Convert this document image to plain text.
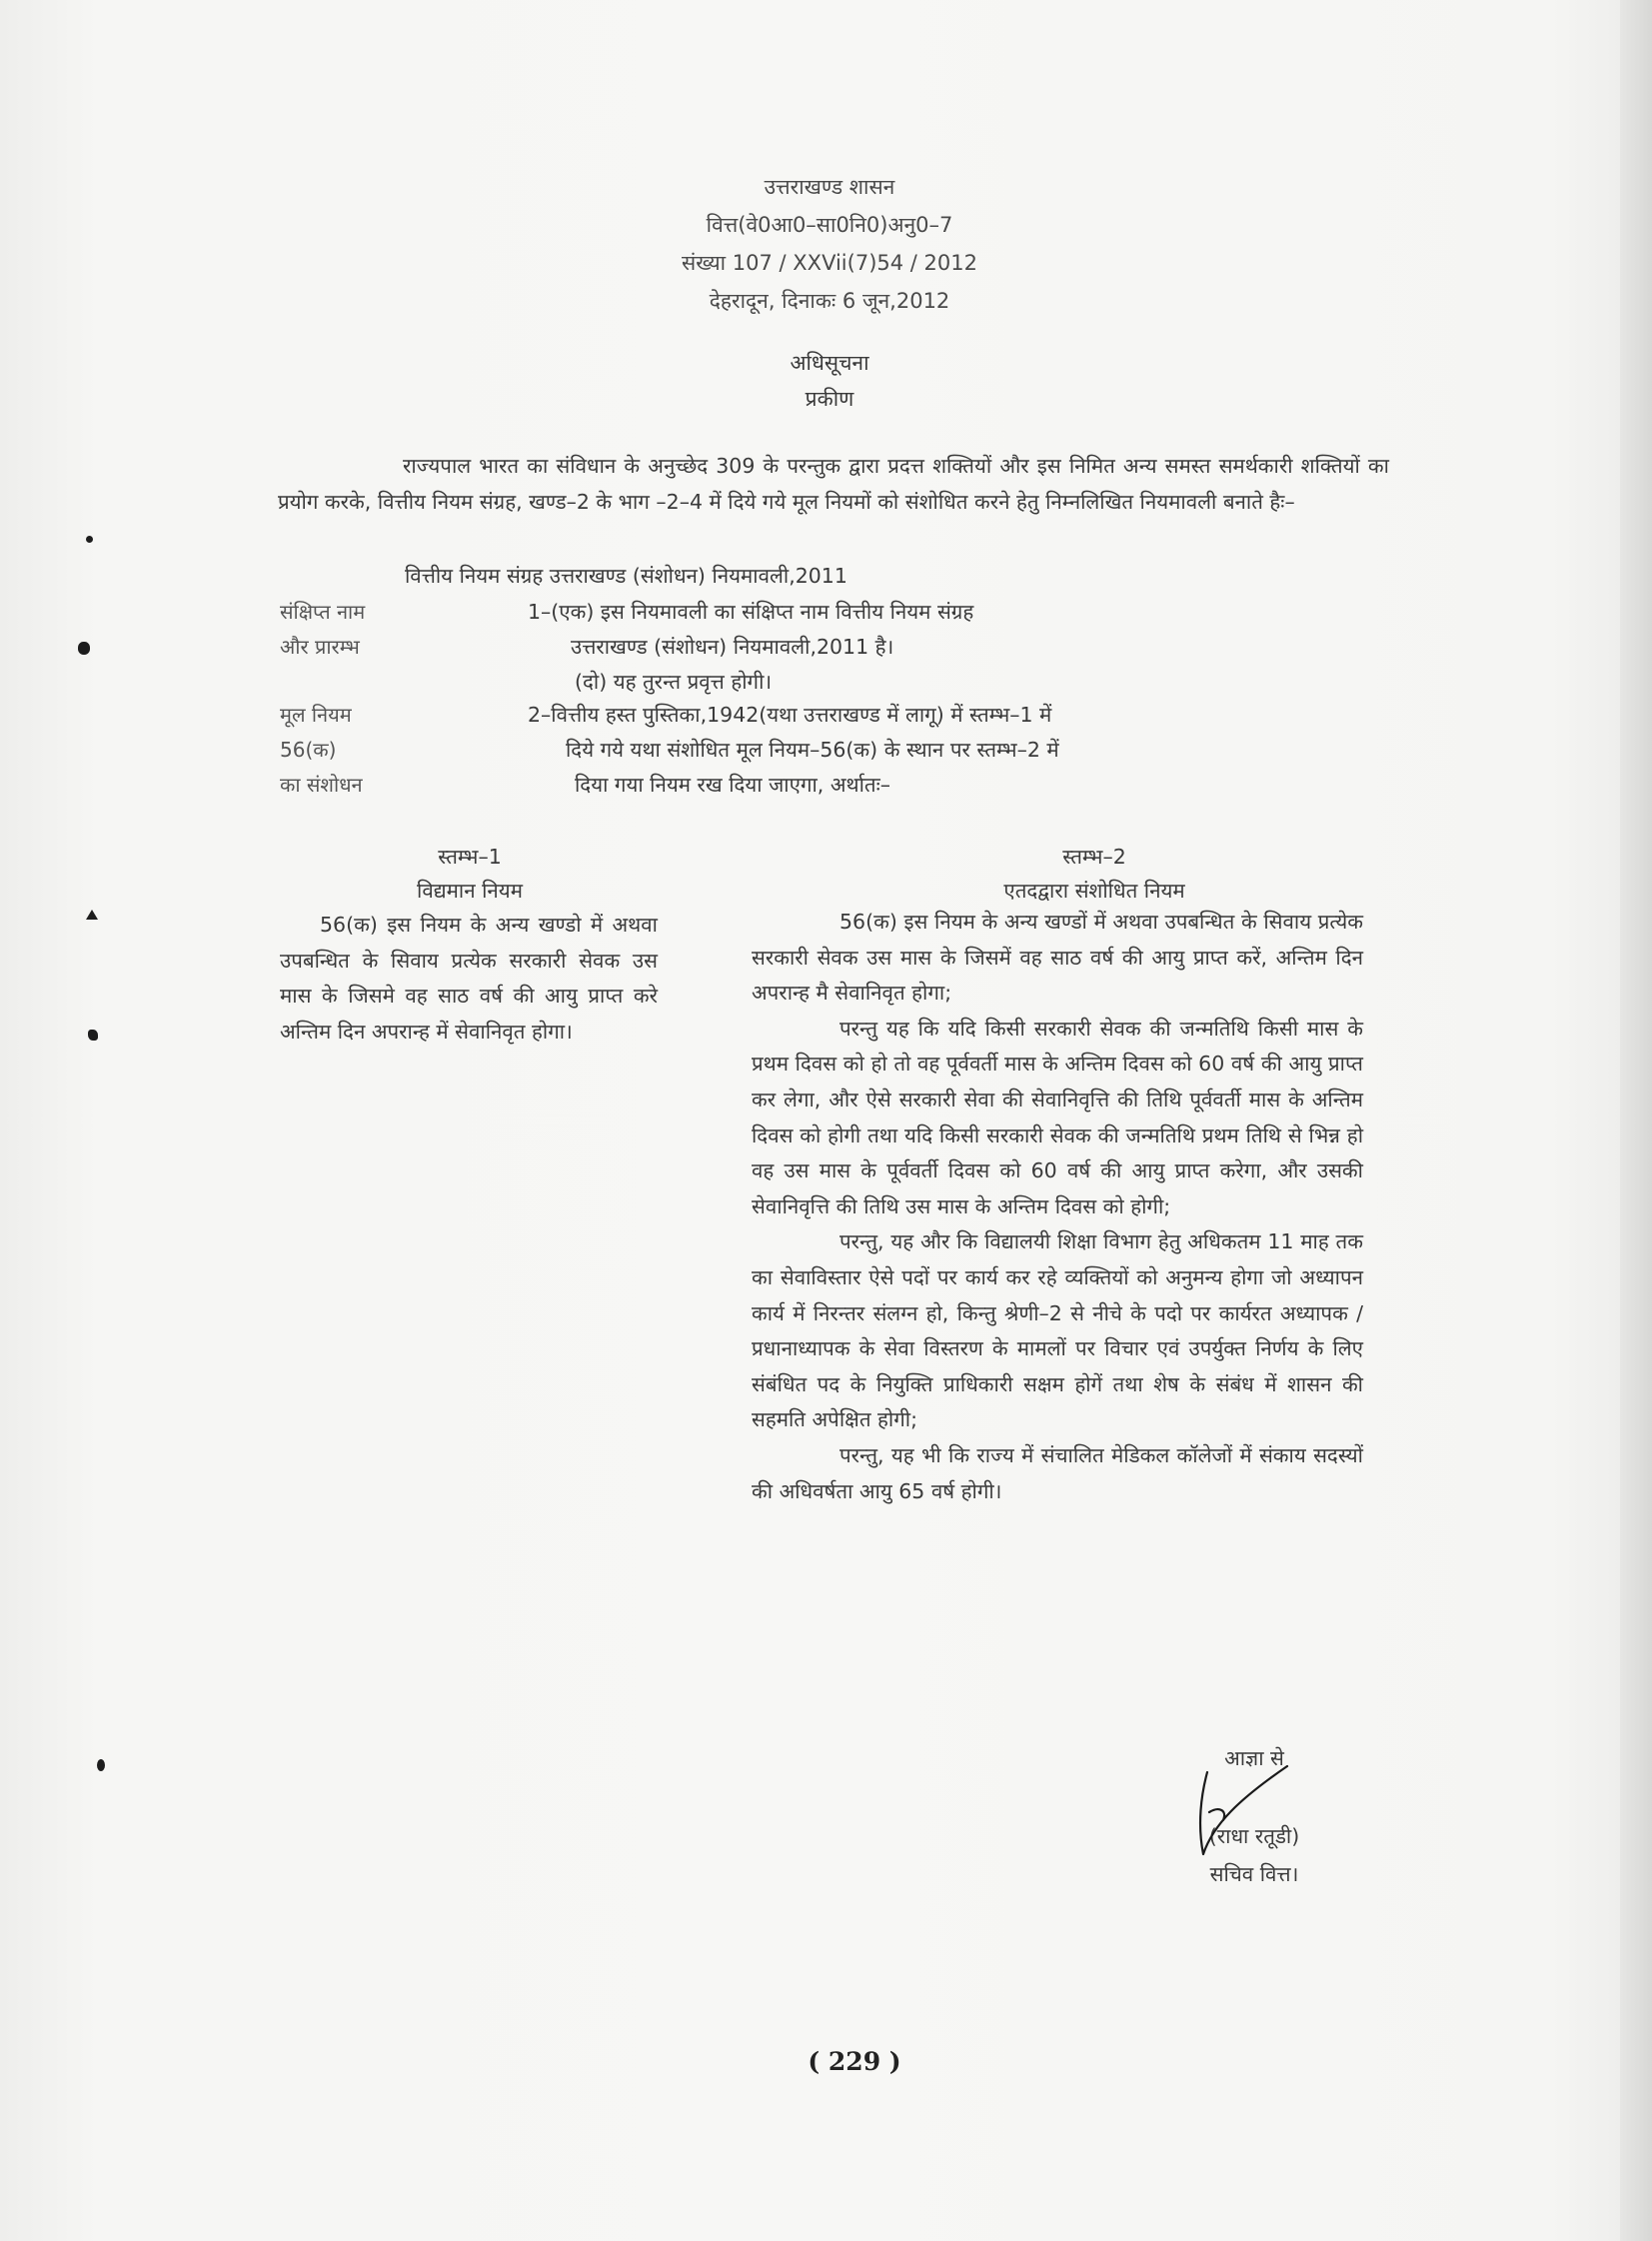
उत्तराखण्ड शासन
वित्त(वे0आ0–सा0नि0)अनु0–7
संख्या 107 / XXVii(7)54 / 2012
देहरादून, दिनाकः 6 जून,2012
अधिसूचना
प्रकीण
राज्यपाल भारत का संविधान के अनुच्छेद 309 के परन्तुक द्वारा प्रदत्त शक्तियों और इस निमित अन्य समस्त समर्थकारी शक्तियों का प्रयोग करके, वित्तीय नियम संग्रह, खण्ड–2 के भाग –2–4 में दिये गये मूल नियमों को संशोधित करने हेतु निम्नलिखित नियमावली बनाते हैः–
वित्तीय नियम संग्रह उत्तराखण्ड (संशोधन) नियमावली,2011
संक्षिप्त नाम
और प्रारम्भ
1–(एक) इस नियमावली का संक्षिप्त नाम वित्तीय नियम संग्रह
उत्तराखण्ड (संशोधन) नियमावली,2011 है।
(दो) यह तुरन्त प्रवृत्त होगी।
मूल नियम
56(क)
का संशोधन
2–वित्तीय हस्त पुस्तिका,1942(यथा उत्तराखण्ड में लागू) में स्तम्भ–1 में
दिये गये यथा संशोधित मूल नियम–56(क) के स्थान पर स्तम्भ–2 में
दिया गया नियम रख दिया जाएगा, अर्थातः–
स्तम्भ–1
विद्यमान नियम
56(क) इस नियम के अन्य खण्डो में अथवा उपबन्धित के सिवाय प्रत्येक सरकारी सेवक उस मास के जिसमे वह साठ वर्ष की आयु प्राप्त करे अन्तिम दिन अपरान्ह में सेवानिवृत होगा।
स्तम्भ–2
एतदद्वारा संशोधित नियम

56(क) इस नियम के अन्य खण्डों में अथवा उपबन्धित के सिवाय प्रत्येक सरकारी सेवक उस मास के जिसमें वह साठ वर्ष की आयु प्राप्त करें, अन्तिम दिन अपरान्ह मै सेवानिवृत होगा;

परन्तु यह कि यदि किसी सरकारी सेवक की जन्मतिथि किसी मास के प्रथम दिवस को हो तो वह पूर्ववर्ती मास के अन्तिम दिवस को 60 वर्ष की आयु प्राप्त कर लेगा, और ऐसे सरकारी सेवा की सेवानिवृत्ति की तिथि पूर्ववर्ती मास के अन्तिम दिवस को होगी तथा यदि किसी सरकारी सेवक की जन्मतिथि प्रथम तिथि से भिन्न हो वह उस मास के पूर्ववर्ती दिवस को 60 वर्ष की आयु प्राप्त करेगा, और उसकी सेवानिवृत्ति की तिथि उस मास के अन्तिम दिवस को होगी;

परन्तु, यह और कि विद्यालयी शिक्षा विभाग हेतु अधिकतम 11 माह तक का सेवाविस्तार ऐसे पदों पर कार्य कर रहे व्यक्तियों को अनुमन्य होगा जो अध्यापन कार्य में निरन्तर संलग्न हो, किन्तु श्रेणी–2 से नीचे के पदो पर कार्यरत अध्यापक / प्रधानाध्यापक के सेवा विस्तरण के मामलों पर विचार एवं उपर्युक्त निर्णय के लिए संबंधित पद के नियुक्ति प्राधिकारी सक्षम होगें तथा शेष के संबंध में शासन की सहमति अपेक्षित होगी;

परन्तु, यह भी कि राज्य में संचालित मेडिकल कॉलेजों में संकाय सदस्यों की अधिवर्षता आयु 65 वर्ष होगी।

आज्ञा से
(राधा रतूडी)
सचिव वित्त।
( 229 )
